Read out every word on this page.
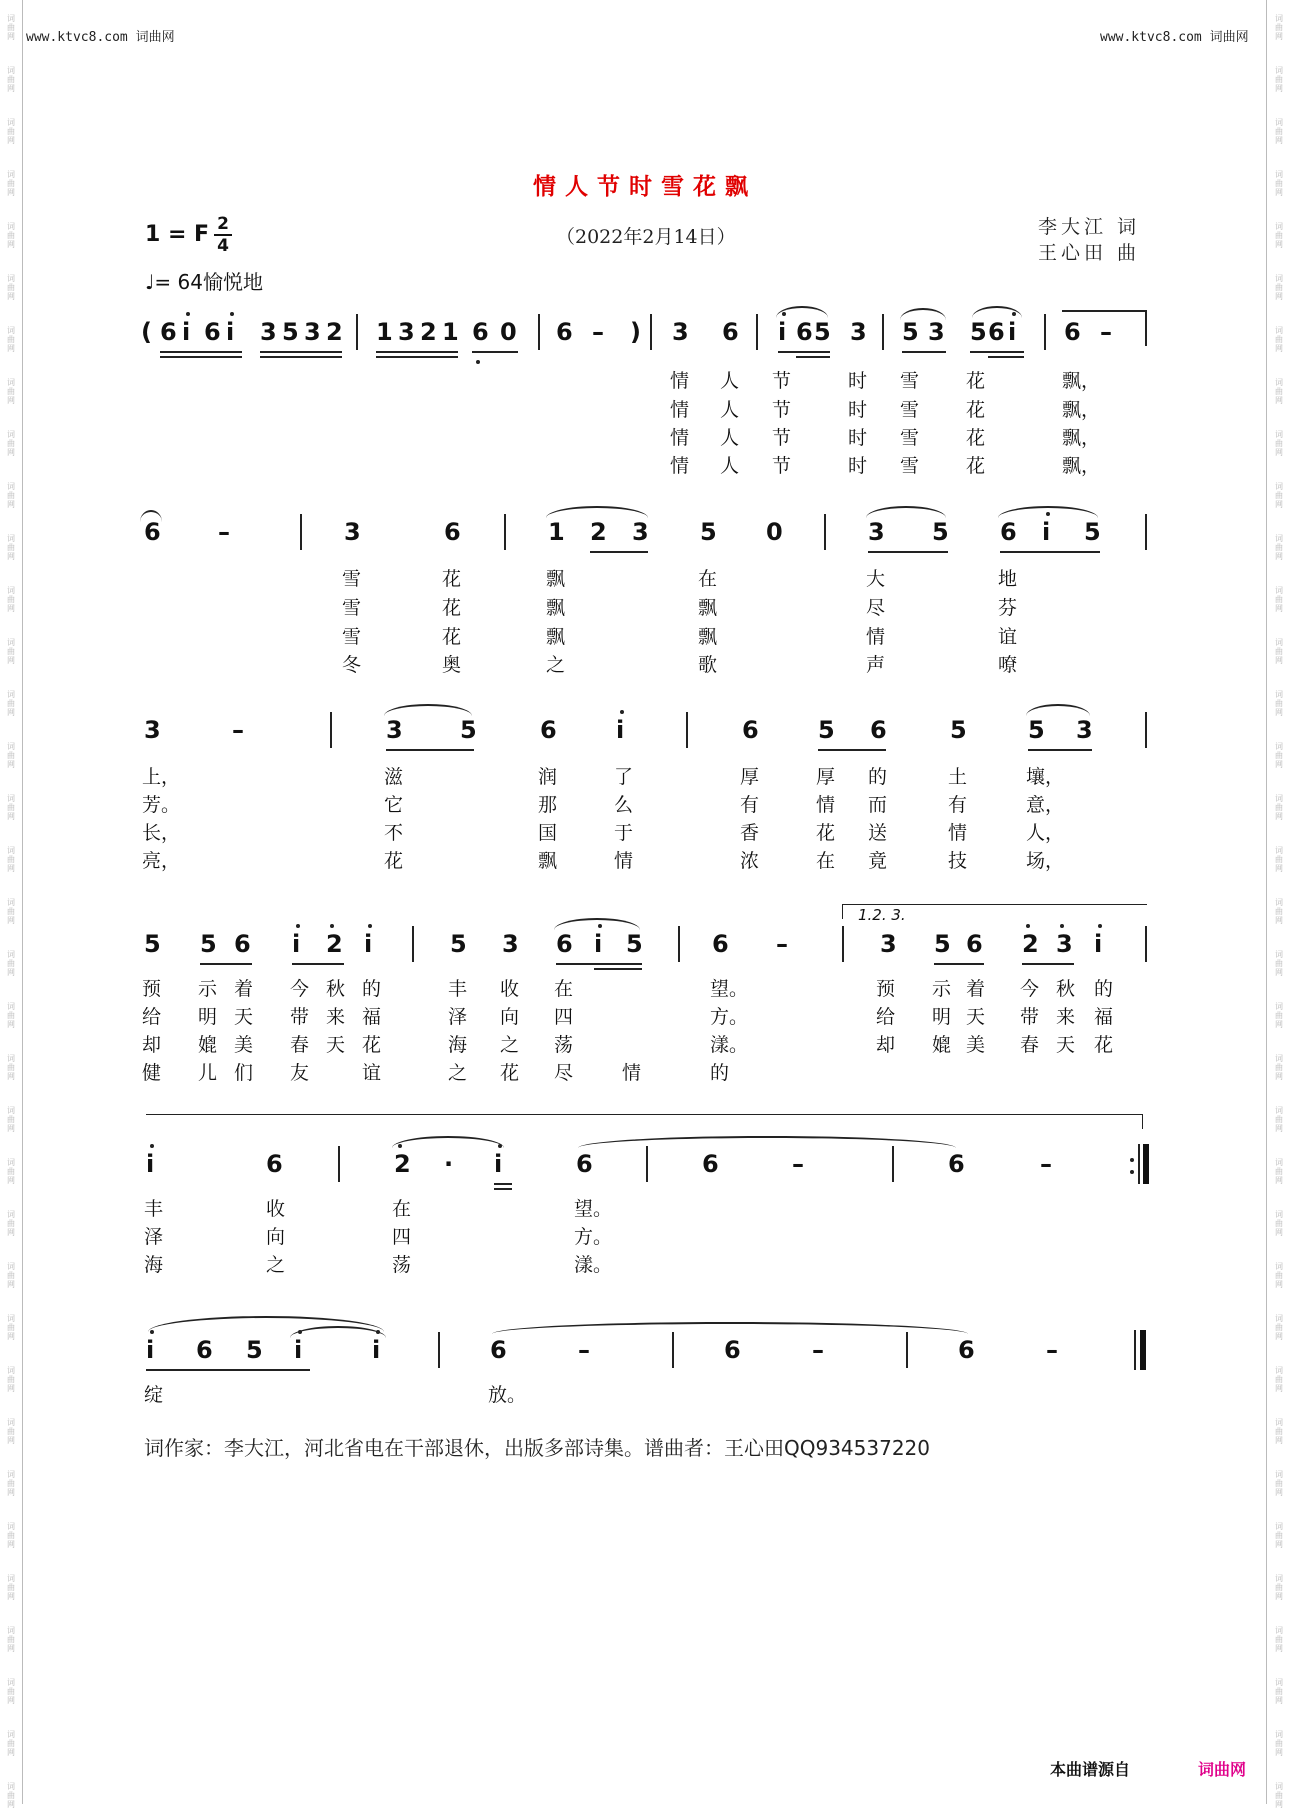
词
曲
网
词
曲
网
词
曲
网
词
曲
网
词
曲
网
词
曲
网
词
曲
网
词
曲
网
词
曲
网
词
曲
网
词
曲
网
词
曲
网
词
曲
网
词
曲
网
词
曲
网
词
曲
网
词
曲
网
词
曲
网
词
曲
网
词
曲
网
词
曲
网
词
曲
网
词
曲
网
词
曲
网
词
曲
网
词
曲
网
词
曲
网
词
曲
网
词
曲
网
词
曲
网
词
曲
网
词
曲
网
词
曲
网
词
曲
网
词
曲
网
词
曲
网
词
曲
网
词
曲
网
词
曲
网
词
曲
网
词
曲
网
词
曲
网
词
曲
网
词
曲
网
词
曲
网
词
曲
网
词
曲
网
词
曲
网
词
曲
网
词
曲
网
词
曲
网
词
曲
网
词
曲
网
词
曲
网
词
曲
网
词
曲
网
词
曲
网
词
曲
网
词
曲
网
词
曲
网
词
曲
网
词
曲
网
词
曲
网
词
曲
网
词
曲
网
词
曲
网
词
曲
网
词
曲
网
词
曲
网
词
曲
网
www.ktvc8.com 词曲网	www.ktvc8.com 词曲网
情人节时雪花飘
（2022年2月14日）	李大江 词
王心田 曲
1 = F 2
4
♩= 64愉悦地
( 6 i 6 i 3 5 3 2 1 3 2 1 6 0 6 – ) 3 6 i 6 5 3 5 3 5 6 i 6 –
情 人 节	时 雪 花	飘，
情 人 节	时 雪 花	飘，
情 人 节	时 雪 花	飘，
情 人 节	时 雪 花	飘，
6 –	3	6	1 2 3 5 0	3 5 6 i 5
雪	花	飘	在	大	地
雪	花	飘	飘	尽	芬
雪	花	飘	飘	情	谊
冬	奥	之	歌	声	嘹
3	–	3 5	6 i	6 5 6	5	5 3
上，	滋	润	了	厚	厚 的	土	壤，
芳。	它	那	么	有	情 而	有	意，
长，	不	国	于	香	花 送	情	人，
亮，	花	飘	情	浓	在 竟	技	场，
1.2. 3.
5 5 6 i 2 i	5 3 6 i 5	6 –	3 5 6 2 3 i
预 示 着 今 秋 的	丰 收 在	望。	预 示 着 今 秋 的
给 明 天 带 来 福	泽 向 四	方。	给 明 天 带 来 福
却 媲 美 春 天 花	海 之 荡	漾。	却 媲 美 春 天 花
健 儿 们 友	谊	之 花 尽	情	的
i	6	2 · i	6	6	–	6	–
丰	收	在	望。
泽	向	四	方。
海	之	荡	漾。
i 6 5 i	i	6	–	6	–	6	–
绽	放。
词作家：李大江，河北省电在干部退休，出版多部诗集。谱曲者：王心田QQ934537220
本曲谱源自	词曲网
